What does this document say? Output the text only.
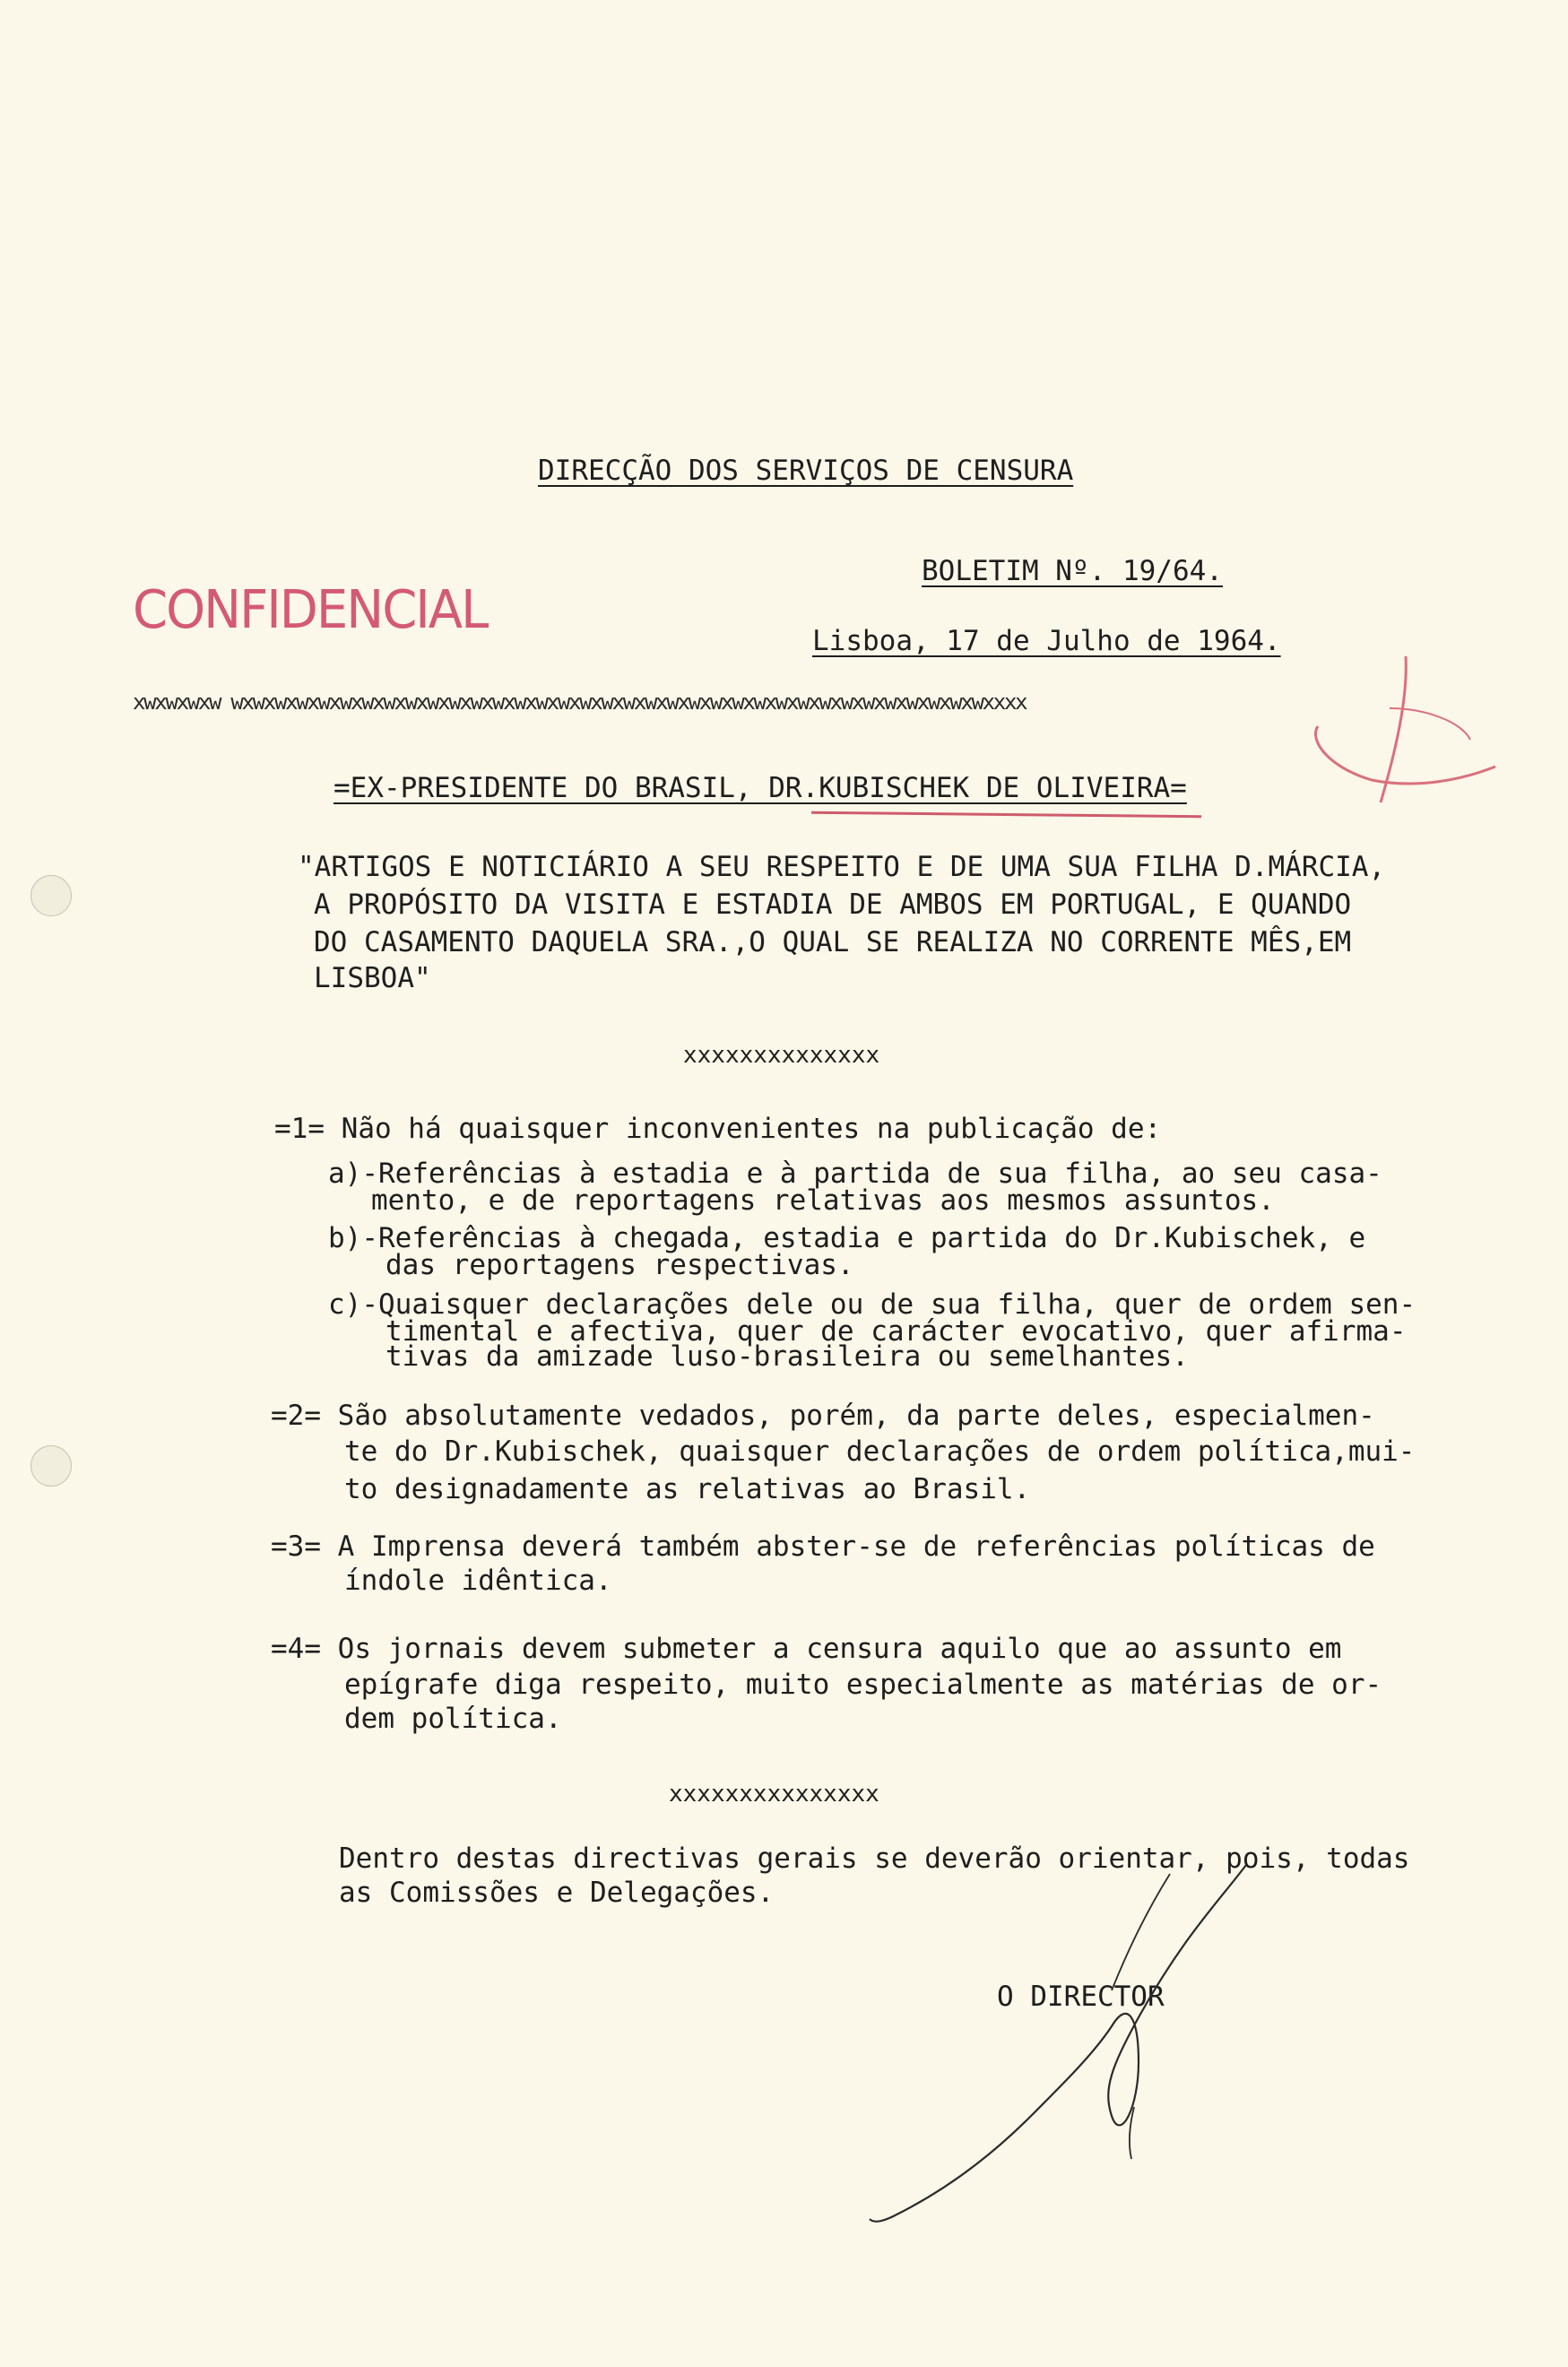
DIRECÇÃO DOS SERVIÇOS DE CENSURA
BOLETIM Nº. 19/64.
CONFIDENCIAL
Lisboa, 17 de Julho de 1964.
xwxwxwxw wxwxwxwxwxwxwxwxwxwxwxwxwxwxwxwxwxwxwxwxwxwxwxwxwxwxwxwxwxwxwxwxwxwxwxxxx
=EX-PRESIDENTE DO BRASIL, DR.KUBISCHEK DE OLIVEIRA=
"ARTIGOS E NOTICIÁRIO A SEU RESPEITO E DE UMA SUA FILHA D.MÁRCIA,
A PROPÓSITO DA VISITA E ESTADIA DE AMBOS EM PORTUGAL, E QUANDO
DO CASAMENTO DAQUELA SRA.,O QUAL SE REALIZA NO CORRENTE MÊS,EM
LISBOA"
xxxxxxxxxxxxxx
=1= Não há quaisquer inconvenientes na publicação de:
a)-Referências à estadia e à partida de sua filha, ao seu casa-
mento, e de reportagens relativas aos mesmos assuntos.
b)-Referências à chegada, estadia e partida do Dr.Kubischek, e
das reportagens respectivas.
c)-Quaisquer declarações dele ou de sua filha, quer de ordem sen-
timental e afectiva, quer de carácter evocativo, quer afirma-
tivas da amizade luso-brasileira ou semelhantes.
=2= São absolutamente vedados, porém, da parte deles, especialmen-
te do Dr.Kubischek, quaisquer declarações de ordem política,mui-
to designadamente as relativas ao Brasil.
=3= A Imprensa deverá também abster-se de referências políticas de
índole idêntica.
=4= Os jornais devem submeter a censura aquilo que ao assunto em
epígrafe diga respeito, muito especialmente as matérias de or-
dem política.
xxxxxxxxxxxxxxx
Dentro destas directivas gerais se deverão orientar, pois, todas
as Comissões e Delegações.
O DIRECTOR
